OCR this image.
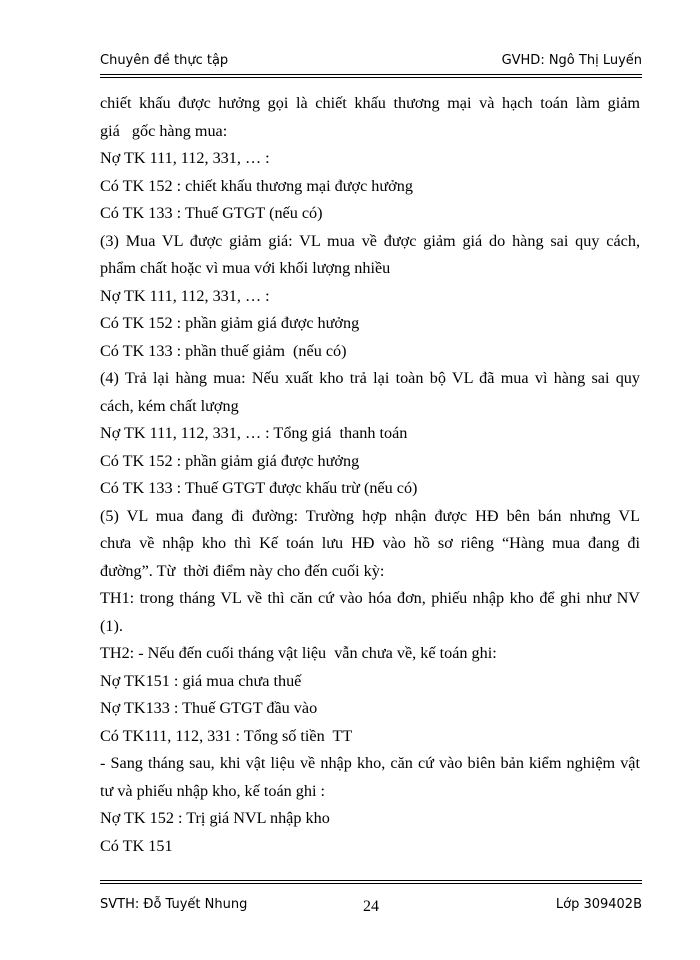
Chuyên đề thực tập	GVHD: Ngô Thị Luyến
chiết khấu được hưởng gọi là chiết khấu thương mại và hạch toán làm giảm
giá   gốc hàng mua:
Nợ TK 111, 112, 331, … :
Có TK 152 : chiết khấu thương mại được hưởng
Có TK 133 : Thuế GTGT (nếu có)
(3) Mua VL được giảm giá: VL mua về được giảm giá do hàng sai quy cách,
phẩm chất hoặc vì mua với khối lượng nhiều
Nợ TK 111, 112, 331, … :
Có TK 152 : phần giảm giá được hưởng
Có TK 133 : phần thuế giảm  (nếu có)
(4) Trả lại hàng mua: Nếu xuất kho trả lại toàn bộ VL đã mua vì hàng sai quy
cách, kém chất lượng
Nợ TK 111, 112, 331, … : Tổng giá  thanh toán
Có TK 152 : phần giảm giá được hưởng
Có TK 133 : Thuế GTGT được khấu trừ (nếu có)
(5) VL mua đang đi đường: Trường hợp nhận được HĐ bên bán nhưng VL
chưa về nhập kho thì Kế toán lưu HĐ vào hồ sơ riêng “Hàng mua đang đi
đường”. Từ  thời điểm này cho đến cuối kỳ:
TH1: trong tháng VL về thì căn cứ vào hóa đơn, phiếu nhập kho để ghi như NV
(1).
TH2: - Nếu đến cuối tháng vật liệu  vẫn chưa về, kế toán ghi:
Nợ TK151 : giá mua chưa thuế
Nợ TK133 : Thuế GTGT đầu vào
Có TK111, 112, 331 : Tổng số tiền  TT
- Sang tháng sau, khi vật liệu về nhập kho, căn cứ vào biên bản kiểm nghiệm vật
tư và phiếu nhập kho, kế toán ghi :
Nợ TK 152 : Trị giá NVL nhập kho
Có TK 151
SVTH: Đỗ Tuyết Nhung	24	Lớp 309402B
